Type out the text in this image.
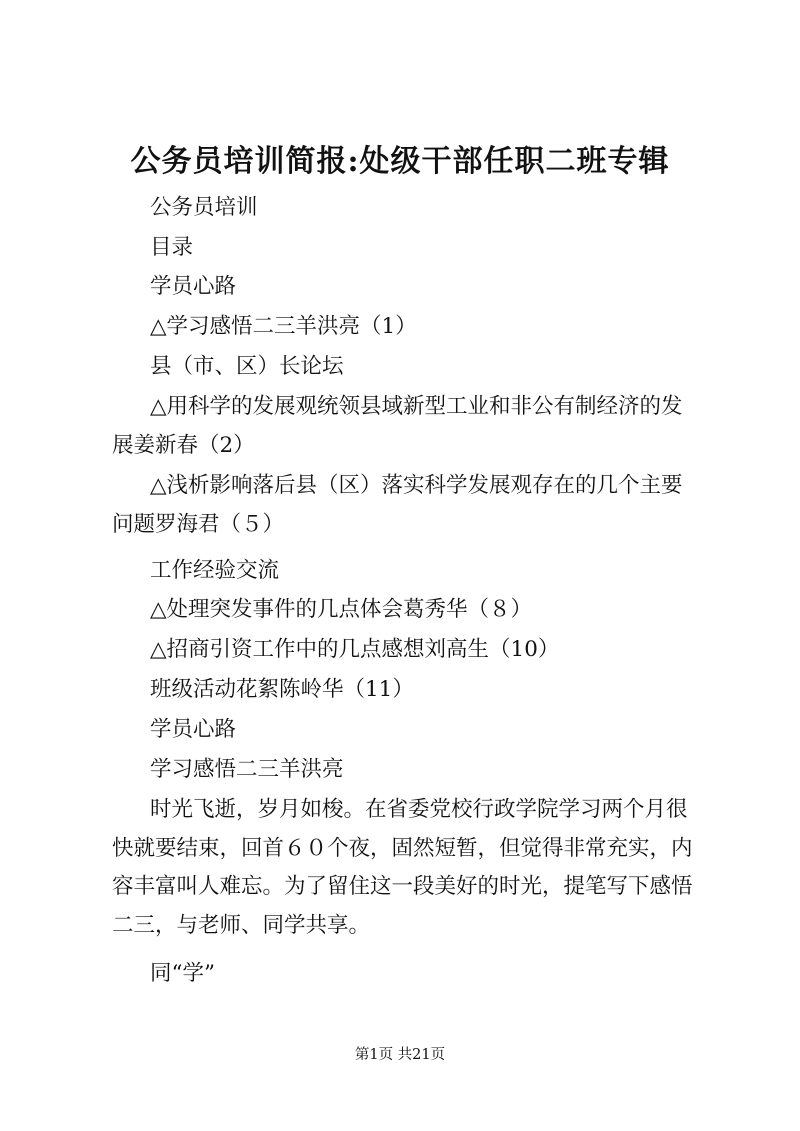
公务员培训简报:处级干部任职二班专辑
公务员培训
目录
学员心路
△学习感悟二三羊洪亮（1）
县（市、区）长论坛
△用科学的发展观统领县域新型工业和非公有制经济的发展姜新春（2）
△浅析影响落后县（区）落实科学发展观存在的几个主要问题罗海君（５）
工作经验交流
△处理突发事件的几点体会葛秀华（８）
△招商引资工作中的几点感想刘高生（10）
班级活动花絮陈岭华（11）
学员心路
学习感悟二三羊洪亮
时光飞逝，岁月如梭。在省委党校行政学院学习两个月很快就要结束，回首６０个夜，固然短暂，但觉得非常充实，内容丰富叫人难忘。为了留住这一段美好的时光，提笔写下感悟二三，与老师、同学共享。
同“学”
第1页 共21页
